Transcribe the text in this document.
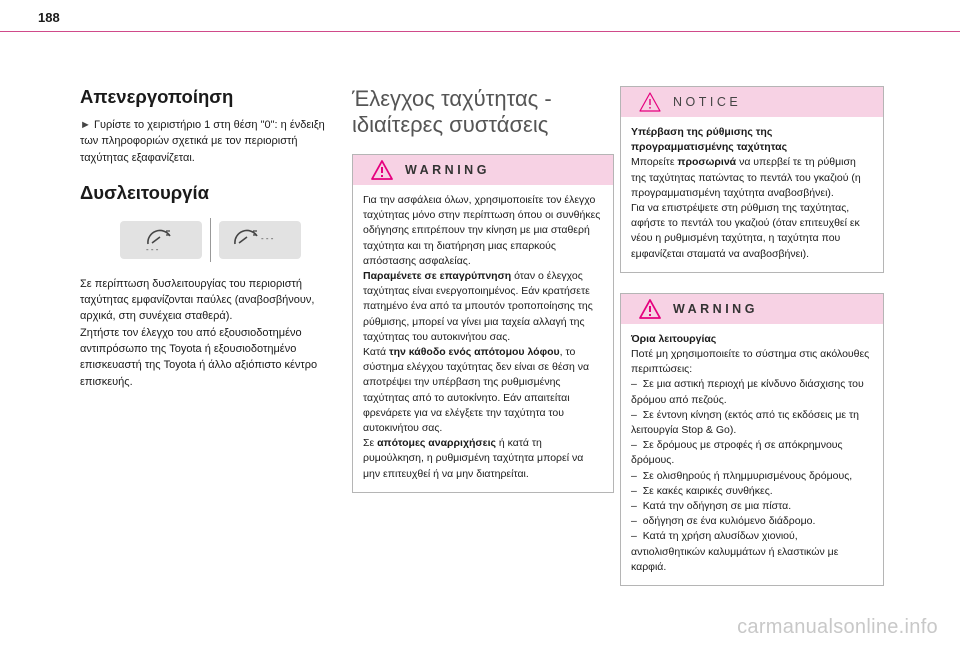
188
Απενεργοποίηση
► Γυρίστε το χειριστήριο 1 στη θέση "0": η ένδειξη των πληροφοριών σχετικά με τον περιοριστή ταχύτητας εξαφανίζεται.
Δυσλειτουργία
- - -
- - -
Σε περίπτωση δυσλειτουργίας του περιοριστή ταχύτητας εμφανίζονται παύλες (αναβοσβήνουν, αρχικά, στη συνέχεια σταθερά).
Ζητήστε τον έλεγχο του από εξουσιοδοτημένο αντιπρόσωπο της Toyota ή εξουσιοδοτημένο επισκευαστή της Toyota ή άλλο αξιόπιστο κέντρο επισκευής.
Έλεγχος ταχύτητας -
ιδιαίτερες συστάσεις
WARNING
Για την ασφάλεια όλων, χρησιμοποιείτε τον έλεγχο ταχύτητας μόνο στην περίπτωση όπου οι συνθήκες οδήγησης επιτρέπουν την κίνηση με μια σταθερή ταχύτητα και τη διατήρηση μιας επαρκούς απόστασης ασφαλείας.
Παραμένετε σε επαγρύπνηση όταν ο έλεγχος ταχύτητας είναι ενεργοποιημένος. Εάν κρατήσετε πατημένο ένα από τα μπουτόν τροποποίησης της ρύθμισης, μπορεί να γίνει μια ταχεία αλλαγή της ταχύτητας του αυτοκινήτου σας.
Κατά την κάθοδο ενός απότομου λόφου, το σύστημα ελέγχου ταχύτητας δεν είναι σε θέση να αποτρέψει την υπέρβαση της ρυθμισμένης ταχύτητας από το αυτοκίνητο. Εάν απαιτείται φρενάρετε για να ελέγξετε την ταχύτητα του αυτοκινήτου σας.
Σε απότομες αναρριχήσεις ή κατά τη ρυμούλκηση, η ρυθμισμένη ταχύτητα μπορεί να μην επιτευχθεί ή να μην διατηρείται.
NOTICE
Υπέρβαση της ρύθμισης της προγραμματισμένης ταχύτητας
Μπορείτε προσωρινά να υπερβεί τε τη ρύθμιση της ταχύτητας πατώντας το πεντάλ του γκαζιού (η προγραμματισμένη ταχύτητα αναβοσβήνει).
Για να επιστρέψετε στη ρύθμιση της ταχύτητας, αφήστε το πεντάλ του γκαζιού (όταν επιτευχθεί εκ νέου η ρυθμισμένη ταχύτητα, η ταχύτητα που εμφανίζεται σταματά να αναβοσβήνει).
WARNING
Όρια λειτουργίας
Ποτέ μη χρησιμοποιείτε το σύστημα στις ακόλουθες περιπτώσεις:
–  Σε μια αστική περιοχή με κίνδυνο διάσχισης του δρόμου από πεζούς.
–  Σε έντονη κίνηση (εκτός από τις εκδόσεις με τη λειτουργία Stop & Go).
–  Σε δρόμους με στροφές ή σε απόκρημνους δρόμους.
–  Σε ολισθηρούς ή πλημμυρισμένους δρόμους,
–  Σε κακές καιρικές συνθήκες.
–  Κατά την οδήγηση σε μια πίστα.
–  οδήγηση σε ένα κυλιόμενο διάδρομο.
–  Κατά τη χρήση αλυσίδων χιονιού, αντιολισθητικών καλυμμάτων ή ελαστικών με καρφιά.
carmanualsonline.info
